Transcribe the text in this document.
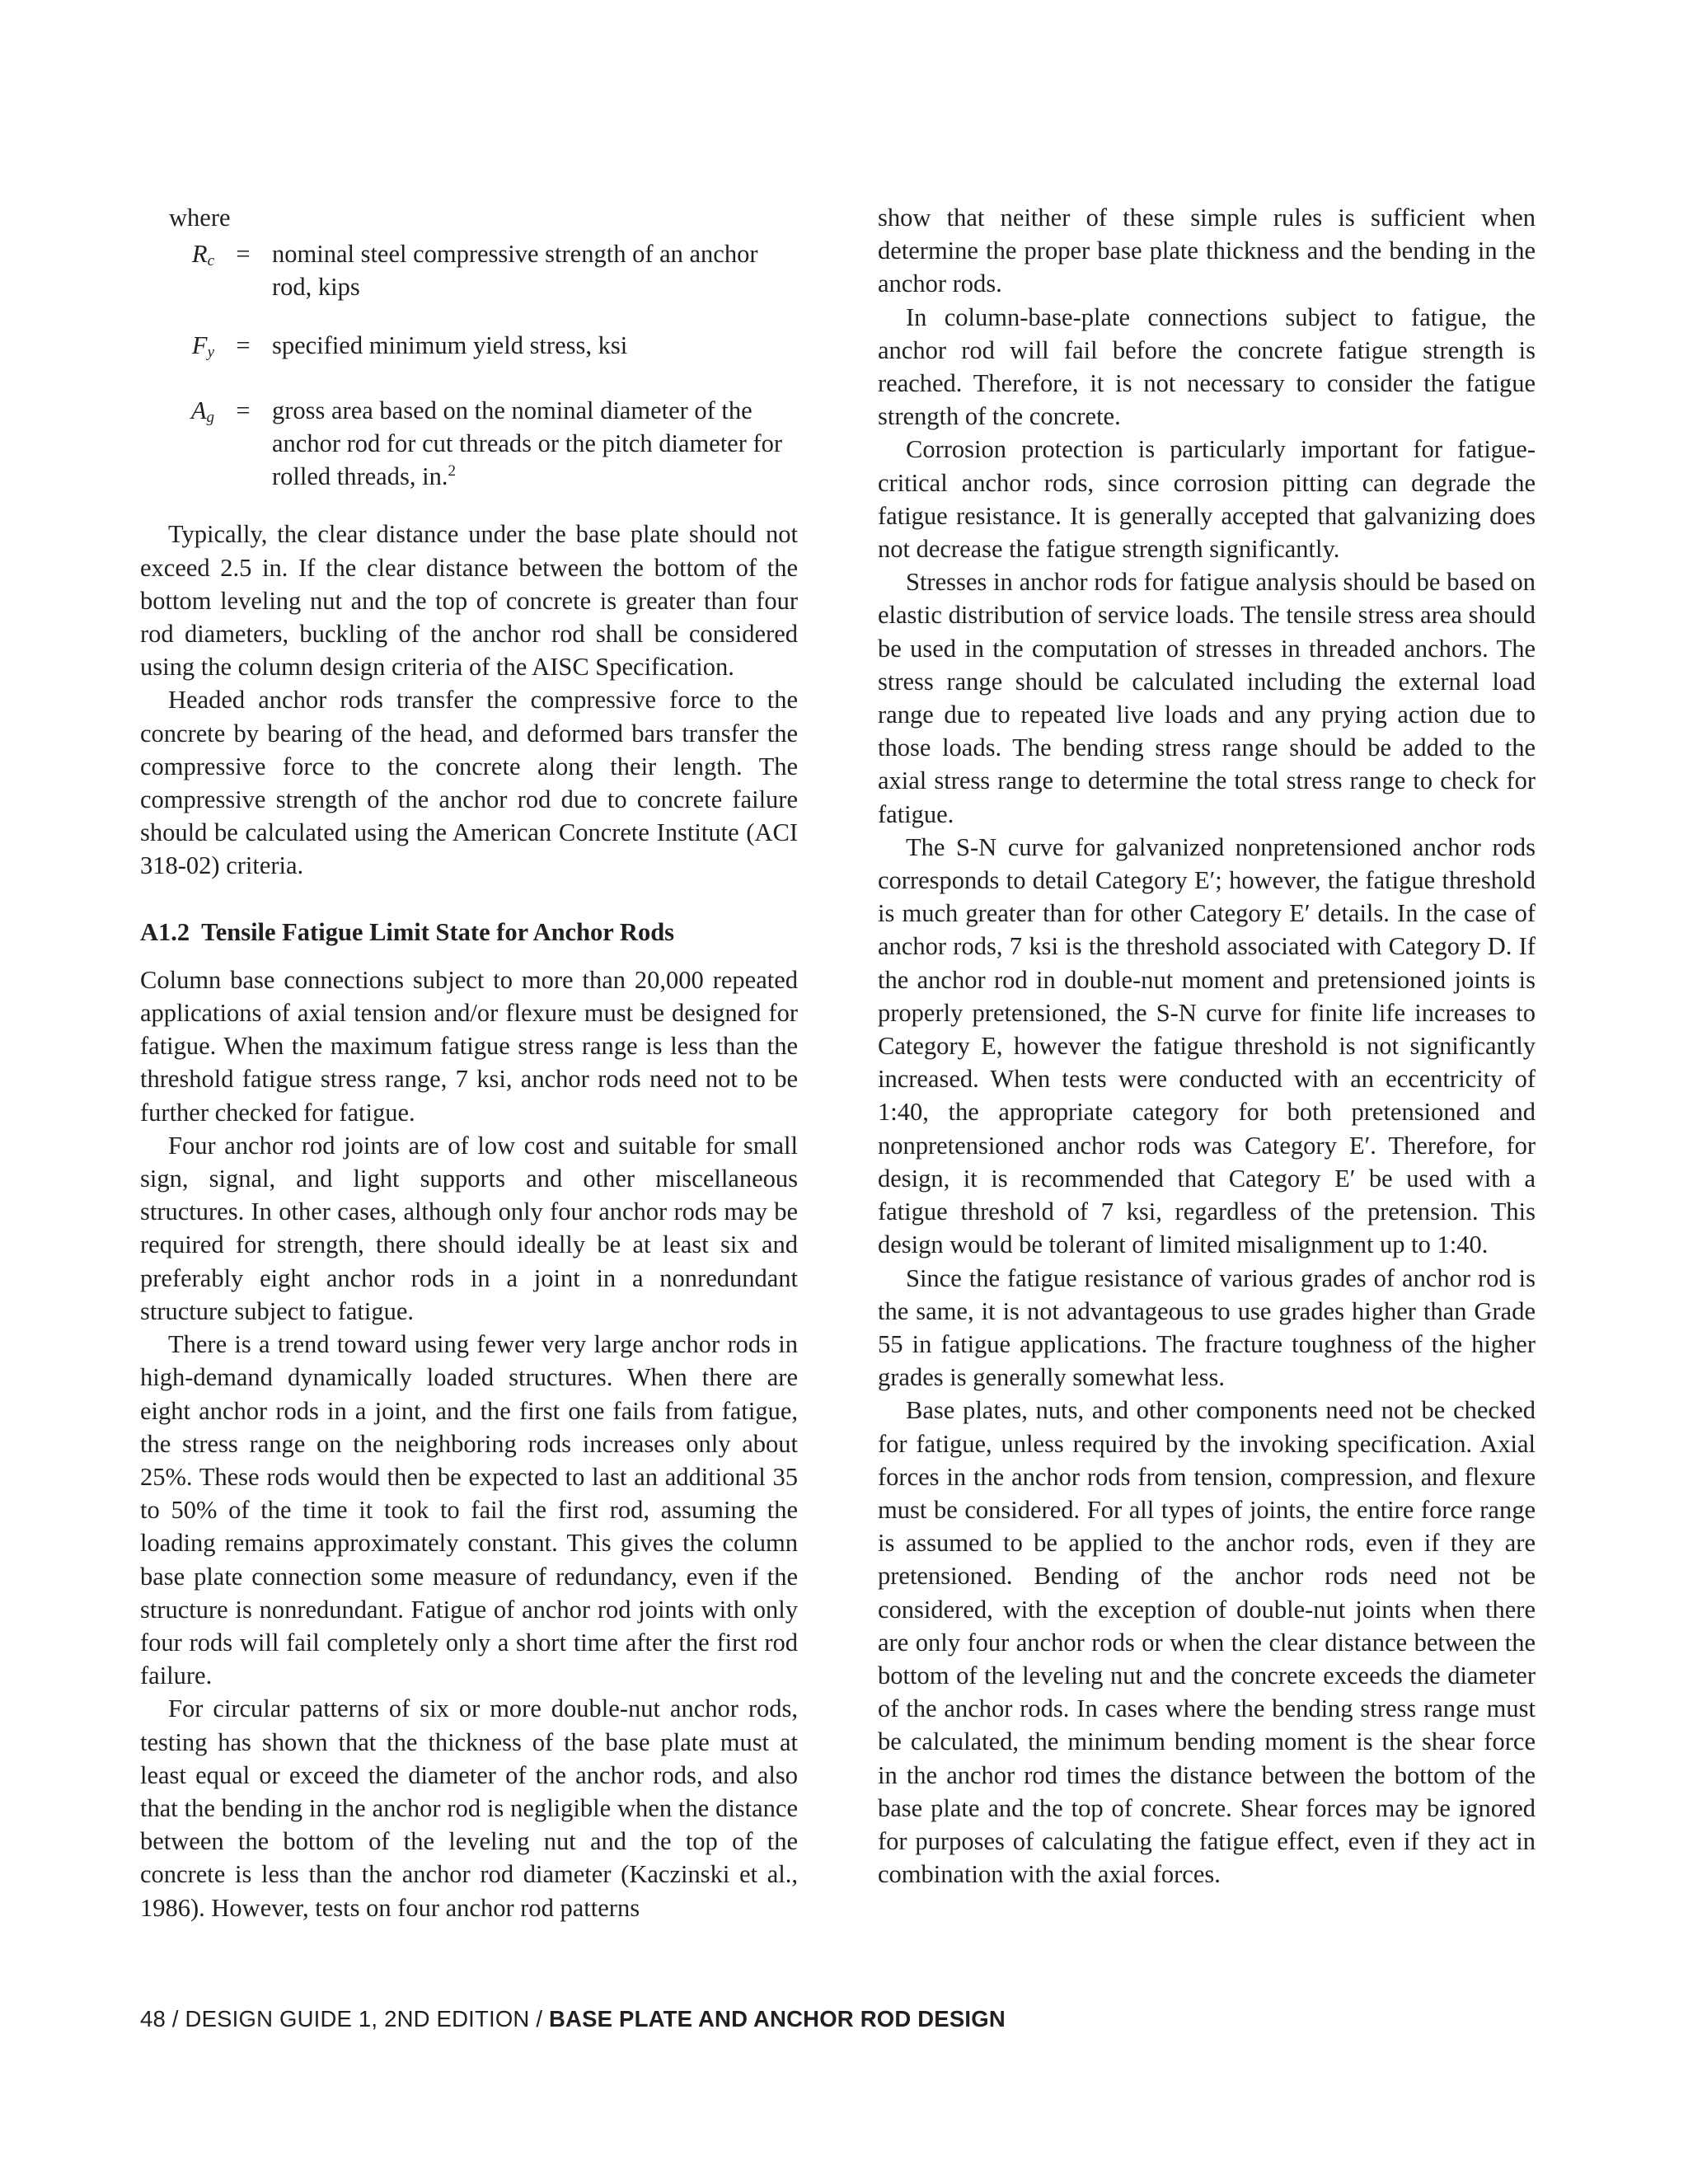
where

$R_c$ = nominal steel compressive strength of an anchor rod, kips
$F_y$ = specified minimum yield stress, ksi
$A_g$ = gross area based on the nominal diameter of the anchor rod for cut threads or the pitch diameter for rolled threads, in.$^2$

Typically, the clear distance under the base plate should not exceed 2.5 in. If the clear distance between the bottom of the bottom leveling nut and the top of concrete is greater than four rod diameters, buckling of the anchor rod shall be considered using the column design criteria of the AISC Specification.

Headed anchor rods transfer the compressive force to the concrete by bearing of the head, and deformed bars transfer the compressive force to the concrete along their length. The compressive strength of the anchor rod due to concrete failure should be calculated using the American Concrete Institute (ACI 318-02) criteria.

A1.2 Tensile Fatigue Limit State for Anchor Rods

Column base connections subject to more than 20,000 repeated applications of axial tension and/or flexure must be designed for fatigue. When the maximum fatigue stress range is less than the threshold fatigue stress range, 7 ksi, anchor rods need not to be further checked for fatigue.

Four anchor rod joints are of low cost and suitable for small sign, signal, and light supports and other miscellaneous structures. In other cases, although only four anchor rods may be required for strength, there should ideally be at least six and preferably eight anchor rods in a joint in a nonredundant structure subject to fatigue.

There is a trend toward using fewer very large anchor rods in high-demand dynamically loaded structures. When there are eight anchor rods in a joint, and the first one fails from fatigue, the stress range on the neighboring rods increases only about 25%. These rods would then be expected to last an additional 35 to 50% of the time it took to fail the first rod, assuming the loading remains approximately constant. This gives the column base plate connection some measure of redundancy, even if the structure is nonredundant. Fatigue of anchor rod joints with only four rods will fail completely only a short time after the first rod failure.

For circular patterns of six or more double-nut anchor rods, testing has shown that the thickness of the base plate must at least equal or exceed the diameter of the anchor rods, and also that the bending in the anchor rod is negligible when the distance between the bottom of the leveling nut and the top of the concrete is less than the anchor rod diameter (Kaczinski et al., 1986). However, tests on four anchor rod patterns

show that neither of these simple rules is sufficient when determine the proper base plate thickness and the bending in the anchor rods.

In column-base-plate connections subject to fatigue, the anchor rod will fail before the concrete fatigue strength is reached. Therefore, it is not necessary to consider the fatigue strength of the concrete.

Corrosion protection is particularly important for fatigue-critical anchor rods, since corrosion pitting can degrade the fatigue resistance. It is generally accepted that galvanizing does not decrease the fatigue strength significantly.

Stresses in anchor rods for fatigue analysis should be based on elastic distribution of service loads. The tensile stress area should be used in the computation of stresses in threaded anchors. The stress range should be calculated including the external load range due to repeated live loads and any prying action due to those loads. The bending stress range should be added to the axial stress range to determine the total stress range to check for fatigue.

The S-N curve for galvanized nonpretensioned anchor rods corresponds to detail Category E′; however, the fatigue threshold is much greater than for other Category E′ details. In the case of anchor rods, 7 ksi is the threshold associated with Category D. If the anchor rod in double-nut moment and pretensioned joints is properly pretensioned, the S-N curve for finite life increases to Category E, however the fatigue threshold is not significantly increased. When tests were conducted with an eccentricity of 1:40, the appropriate category for both pretensioned and nonpretensioned anchor rods was Category E′. Therefore, for design, it is recommended that Category E′ be used with a fatigue threshold of 7 ksi, regardless of the pretension. This design would be tolerant of limited misalignment up to 1:40.

Since the fatigue resistance of various grades of anchor rod is the same, it is not advantageous to use grades higher than Grade 55 in fatigue applications. The fracture toughness of the higher grades is generally somewhat less.

Base plates, nuts, and other components need not be checked for fatigue, unless required by the invoking specification. Axial forces in the anchor rods from tension, compression, and flexure must be considered. For all types of joints, the entire force range is assumed to be applied to the anchor rods, even if they are pretensioned. Bending of the anchor rods need not be considered, with the exception of double-nut joints when there are only four anchor rods or when the clear distance between the bottom of the leveling nut and the concrete exceeds the diameter of the anchor rods. In cases where the bending stress range must be calculated, the minimum bending moment is the shear force in the anchor rod times the distance between the bottom of the base plate and the top of concrete. Shear forces may be ignored for purposes of calculating the fatigue effect, even if they act in combination with the axial forces.

48 / DESIGN GUIDE 1, 2ND EDITION / BASE PLATE AND ANCHOR ROD DESIGN
